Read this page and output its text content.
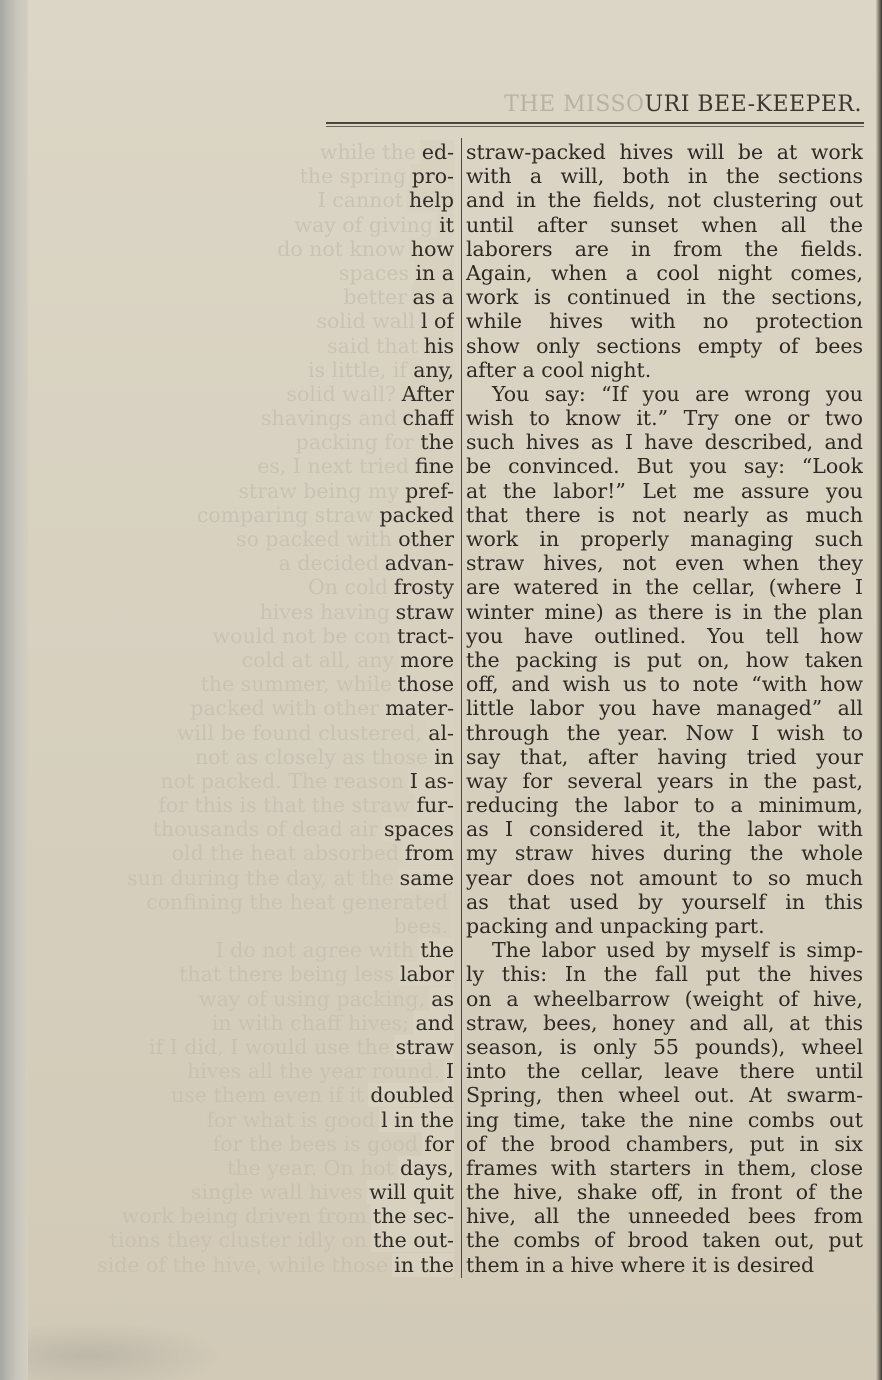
THE MISSOURI BEE-KEEPER.
while the ed-
the spring pro-
I cannot help
way of giving it
do not know how
spaces in a
better as a
solid wall l of
said that his
is little, if any,
solid wall? After
shavings and chaff
packing for the
es, I next tried fine
straw being my pref-
comparing straw packed
so packed with other
a decided advan-
On cold frosty
hives having straw
would not be con tract-
cold at all, any more
the summer, while those
packed with other mater-
will be found clustered, al-
not as closely as those in
not packed. The reason I as-
for this is that the straw fur-
thousands of dead air spaces
old the heat absorbed from
sun during the day, at the same
confining the heat generated
bees.
I do not agree with the
that there being less labor
way of using packing, as
in with chaff hives; and
if I did, I would use the straw
hives all the year round. I
use them even if it doubled
for what is good l in the
for the bees is good for
the year. On hot days,
single wall hives will quit
work being driven from the sec-
tions they cluster idly on the out-
side of the hive, while those in the
straw-packed hives will be at work
with a will, both in the sections
and in the fields, not clustering out
until after sunset when all the
laborers are in from the fields.
Again, when a cool night comes,
work is continued in the sections,
while hives with no protection
show only sections empty of bees
after a cool night.
You say: “If you are wrong you
wish to know it.” Try one or two
such hives as I have described, and
be convinced. But you say: “Look
at the labor!” Let me assure you
that there is not nearly as much
work in properly managing such
straw hives, not even when they
are watered in the cellar, (where I
winter mine) as there is in the plan
you have outlined. You tell how
the packing is put on, how taken
off, and wish us to note “with how
little labor you have managed” all
through the year. Now I wish to
say that, after having tried your
way for several years in the past,
reducing the labor to a minimum,
as I considered it, the labor with
my straw hives during the whole
year does not amount to so much
as that used by yourself in this
packing and unpacking part.
The labor used by myself is simp-
ly this: In the fall put the hives
on a wheelbarrow (weight of hive,
straw, bees, honey and all, at this
season, is only 55 pounds), wheel
into the cellar, leave there until
Spring, then wheel out. At swarm-
ing time, take the nine combs out
of the brood chambers, put in six
frames with starters in them, close
the hive, shake off, in front of the
hive, all the unneeded bees from
the combs of brood taken out, put
them in a hive where it is desired
